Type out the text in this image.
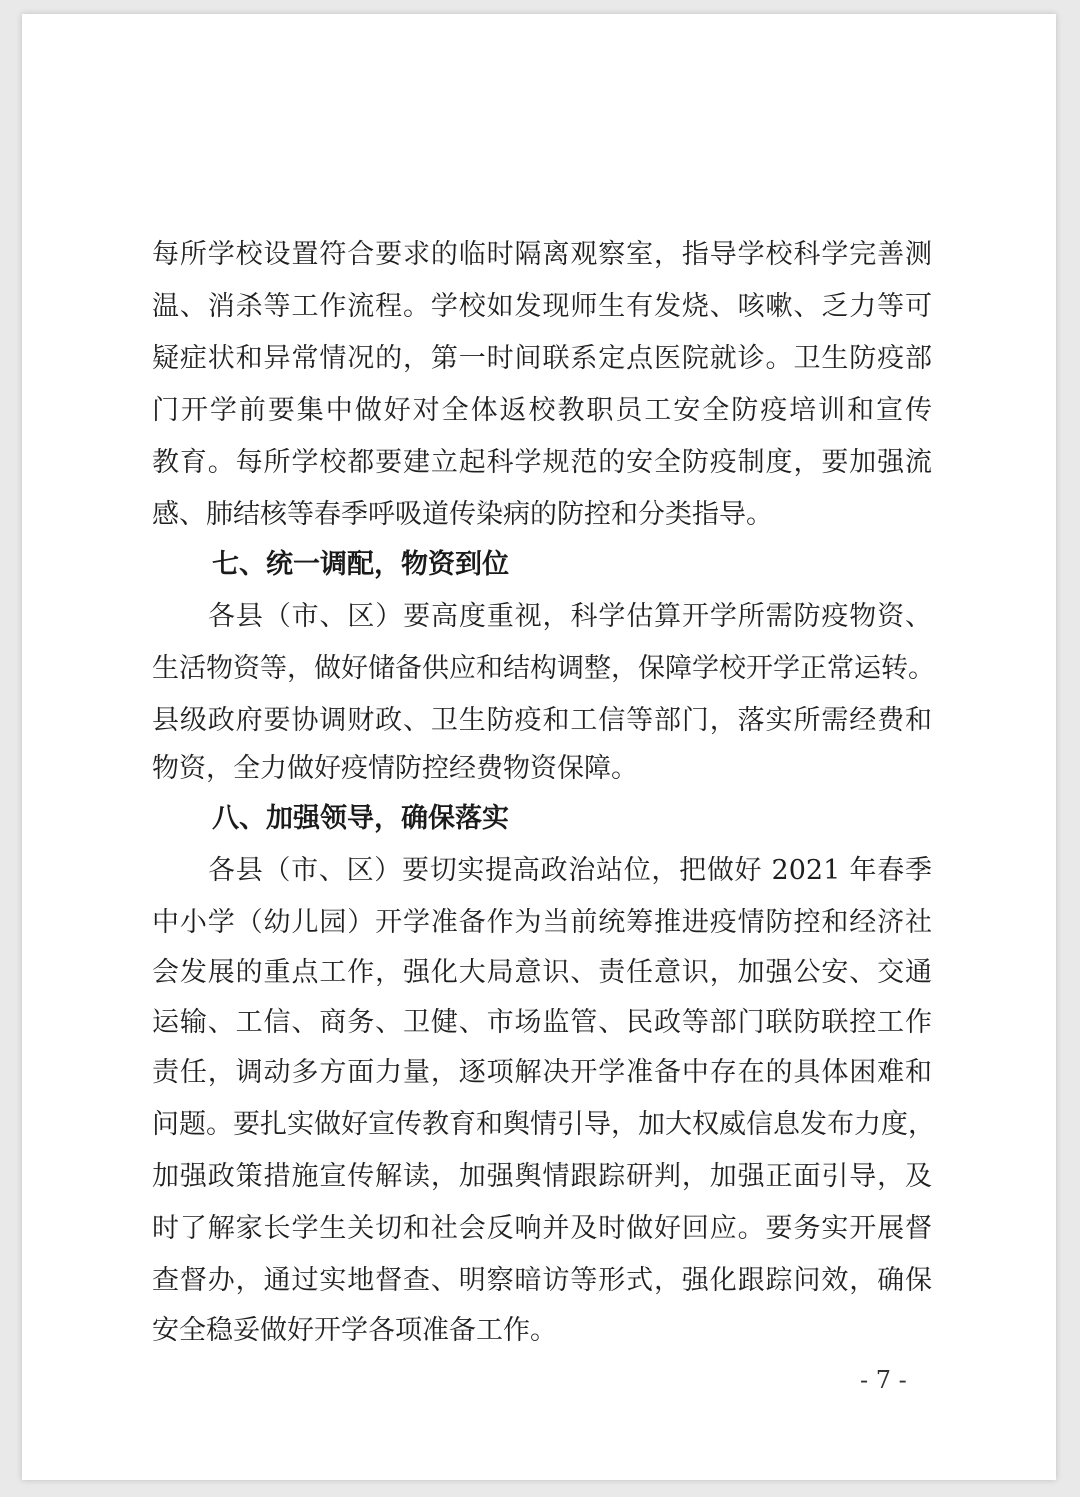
每所学校设置符合要求的临时隔离观察室，指导学校科学完善测
温、消杀等工作流程。学校如发现师生有发烧、咳嗽、乏力等可
疑症状和异常情况的，第一时间联系定点医院就诊。卫生防疫部
门开学前要集中做好对全体返校教职员工安全防疫培训和宣传
教育。每所学校都要建立起科学规范的安全防疫制度，要加强流
感、肺结核等春季呼吸道传染病的防控和分类指导。
七、统一调配，物资到位
各县（市、区）要高度重视，科学估算开学所需防疫物资、
生活物资等，做好储备供应和结构调整，保障学校开学正常运转。
县级政府要协调财政、卫生防疫和工信等部门，落实所需经费和
物资，全力做好疫情防控经费物资保障。
八、加强领导，确保落实
各县（市、区）要切实提高政治站位，把做好 2021 年春季
中小学（幼儿园）开学准备作为当前统筹推进疫情防控和经济社
会发展的重点工作，强化大局意识、责任意识，加强公安、交通
运输、工信、商务、卫健、市场监管、民政等部门联防联控工作
责任，调动多方面力量，逐项解决开学准备中存在的具体困难和
问题。要扎实做好宣传教育和舆情引导，加大权威信息发布力度，
加强政策措施宣传解读，加强舆情跟踪研判，加强正面引导，及
时了解家长学生关切和社会反响并及时做好回应。要务实开展督
查督办，通过实地督查、明察暗访等形式，强化跟踪问效，确保
安全稳妥做好开学各项准备工作。
- 7 -
